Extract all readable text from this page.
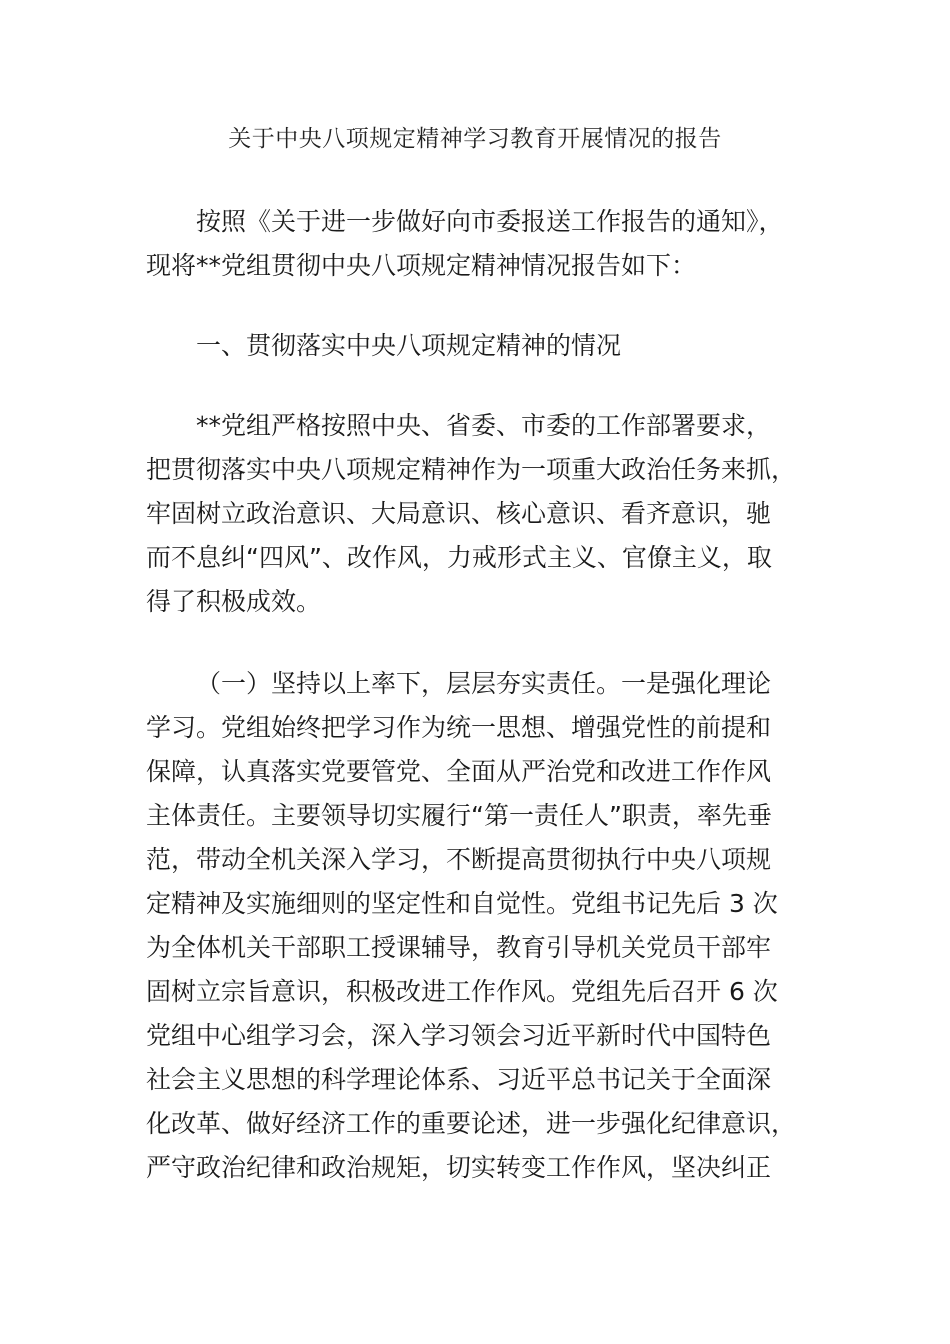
关于中央八项规定精神学习教育开展情况的报告
按照《关于进一步做好向市委报送工作报告的通知》，
现将**党组贯彻中央八项规定精神情况报告如下：
一、贯彻落实中央八项规定精神的情况
**党组严格按照中央、省委、市委的工作部署要求，
把贯彻落实中央八项规定精神作为一项重大政治任务来抓，
牢固树立政治意识、大局意识、核心意识、看齐意识，驰
而不息纠“四风”、改作风，力戒形式主义、官僚主义，取
得了积极成效。
（一）坚持以上率下，层层夯实责任。一是强化理论
学习。党组始终把学习作为统一思想、增强党性的前提和
保障，认真落实党要管党、全面从严治党和改进工作作风
主体责任。主要领导切实履行“第一责任人”职责，率先垂
范，带动全机关深入学习，不断提高贯彻执行中央八项规
定精神及实施细则的坚定性和自觉性。党组书记先后 3 次
为全体机关干部职工授课辅导，教育引导机关党员干部牢
固树立宗旨意识，积极改进工作作风。党组先后召开 6 次
党组中心组学习会，深入学习领会习近平新时代中国特色
社会主义思想的科学理论体系、习近平总书记关于全面深
化改革、做好经济工作的重要论述，进一步强化纪律意识，
严守政治纪律和政治规矩，切实转变工作作风，坚决纠正
